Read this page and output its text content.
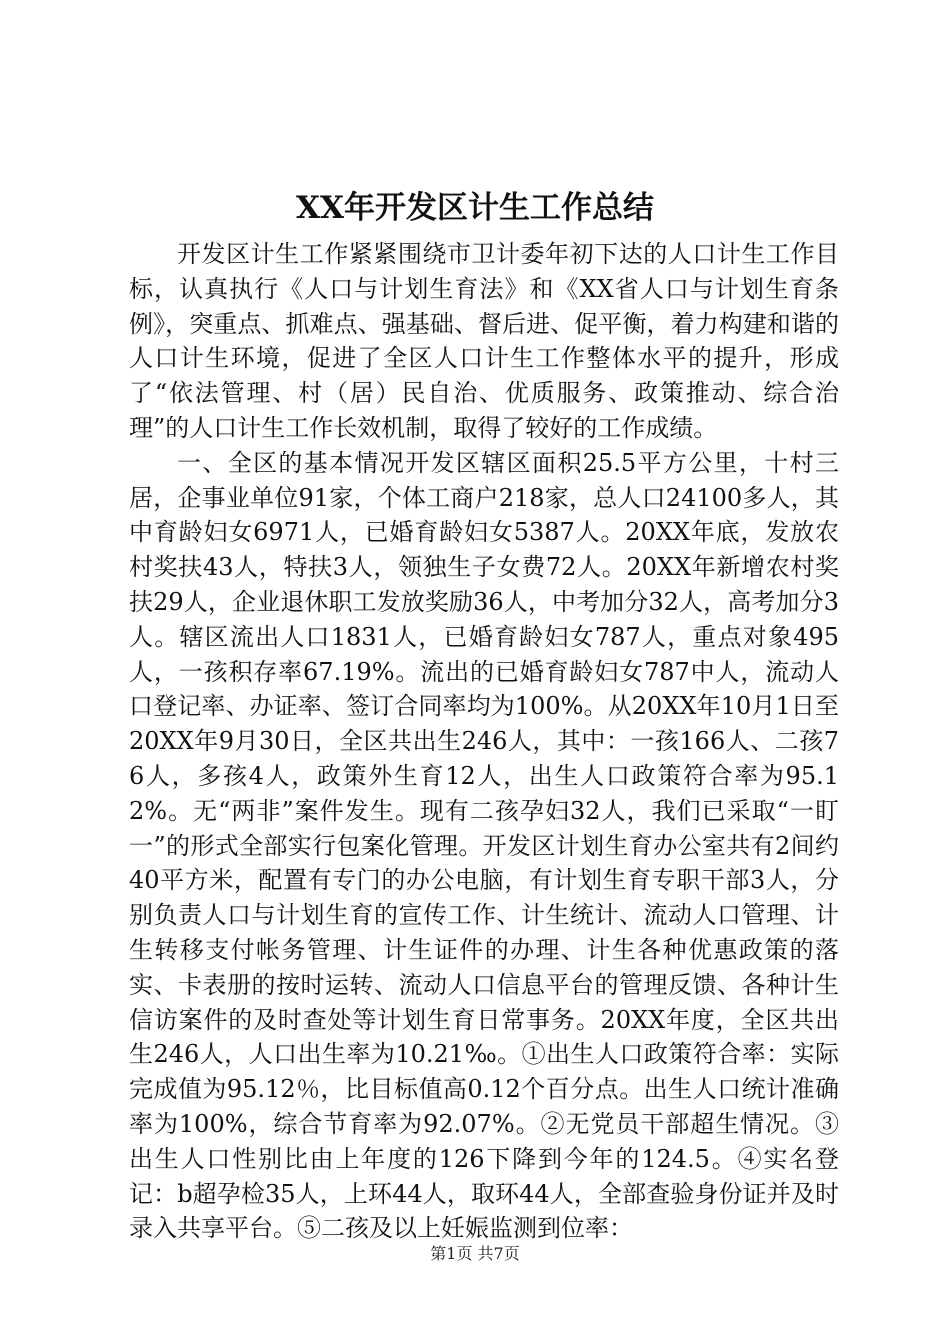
XX年开发区计生工作总结

开发区计生工作紧紧围绕市卫计委年初下达的人口计生工作目标，认真执行《人口与计划生育法》和《XX省人口与计划生育条例》，突重点、抓难点、强基础、督后进、促平衡，着力构建和谐的人口计生环境，促进了全区人口计生工作整体水平的提升，形成了“依法管理、村（居）民自治、优质服务、政策推动、综合治理”的人口计生工作长效机制，取得了较好的工作成绩。

一、全区的基本情况开发区辖区面积25.5平方公里，十村三居，企事业单位91家，个体工商户218家，总人口24100多人，其中育龄妇女6971人，已婚育龄妇女5387人。20XX年底，发放农村奖扶43人，特扶3人，领独生子女费72人。20XX年新增农村奖扶29人，企业退休职工发放奖励36人，中考加分32人，高考加分3人。辖区流出人口1831人，已婚育龄妇女787人，重点对象495人，一孩积存率67.19%。流出的已婚育龄妇女787中人，流动人口登记率、办证率、签订合同率均为100%。从20XX年10月1日至20XX年9月30日，全区共出生246人，其中：一孩166人、二孩76人，多孩4人，政策外生育12人，出生人口政策符合率为95.12%。无“两非”案件发生。现有二孩孕妇32人，我们已采取“一盯一”的形式全部实行包案化管理。开发区计划生育办公室共有2间约40平方米，配置有专门的办公电脑，有计划生育专职干部3人，分别负责人口与计划生育的宣传工作、计生统计、流动人口管理、计生转移支付帐务管理、计生证件的办理、计生各种优惠政策的落实、卡表册的按时运转、流动人口信息平台的管理反馈、各种计生信访案件的及时查处等计划生育日常事务。20XX年度，全区共出生246人，人口出生率为10.21‰。①出生人口政策符合率：实际完成值为95.12％，比目标值高0.12个百分点。出生人口统计准确率为100%，综合节育率为92.07%。②无党员干部超生情况。③出生人口性别比由上年度的126下降到今年的124.5。④实名登记：b超孕检35人，上环44人，取环44人，全部查验身份证并及时录入共享平台。⑤二孩及以上妊娠监测到位率：

第1页 共7页
